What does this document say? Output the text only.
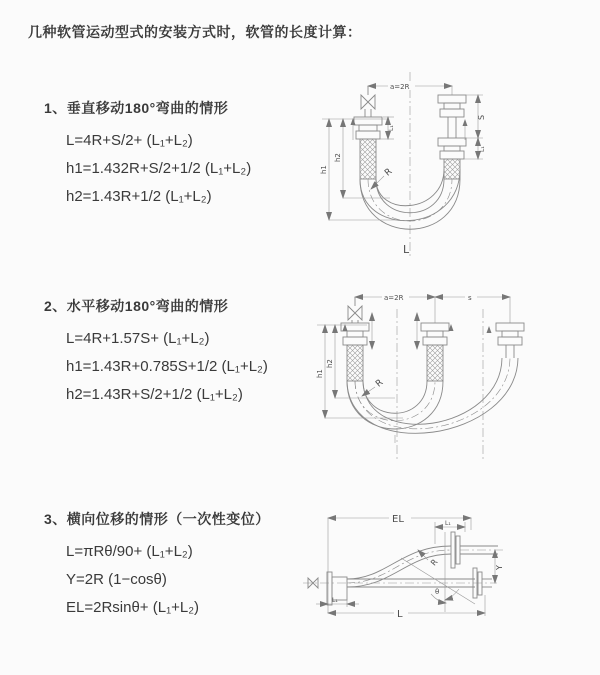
几种软管运动型式的安装方式时，软管的长度计算：
1、垂直移动180°弯曲的情形
L=4R+S/2+ (L₁+L₂)
h1=1.432R+S/2+1/2 (L₁+L₂)
h2=1.43R+1/2 (L₁+L₂)
2、水平移动180°弯曲的情形
L=4R+1.57S+ (L₁+L₂)
h1=1.43R+0.785S+1/2 (L₁+L₂)
h2=1.43R+S/2+1/2 (L₁+L₂)
3、横向位移的情形（一次性变位）
L=πRθ/90+ (L₁+L₂)
Y=2R (1−cosθ)
EL=2Rsinθ+ (L₁+L₂)
a=2R
h1
h2
L₁
S
L₁
R
L
a=2R	s
h1
h2
R
EL	L₁
Y
R
θ
L
L₁
